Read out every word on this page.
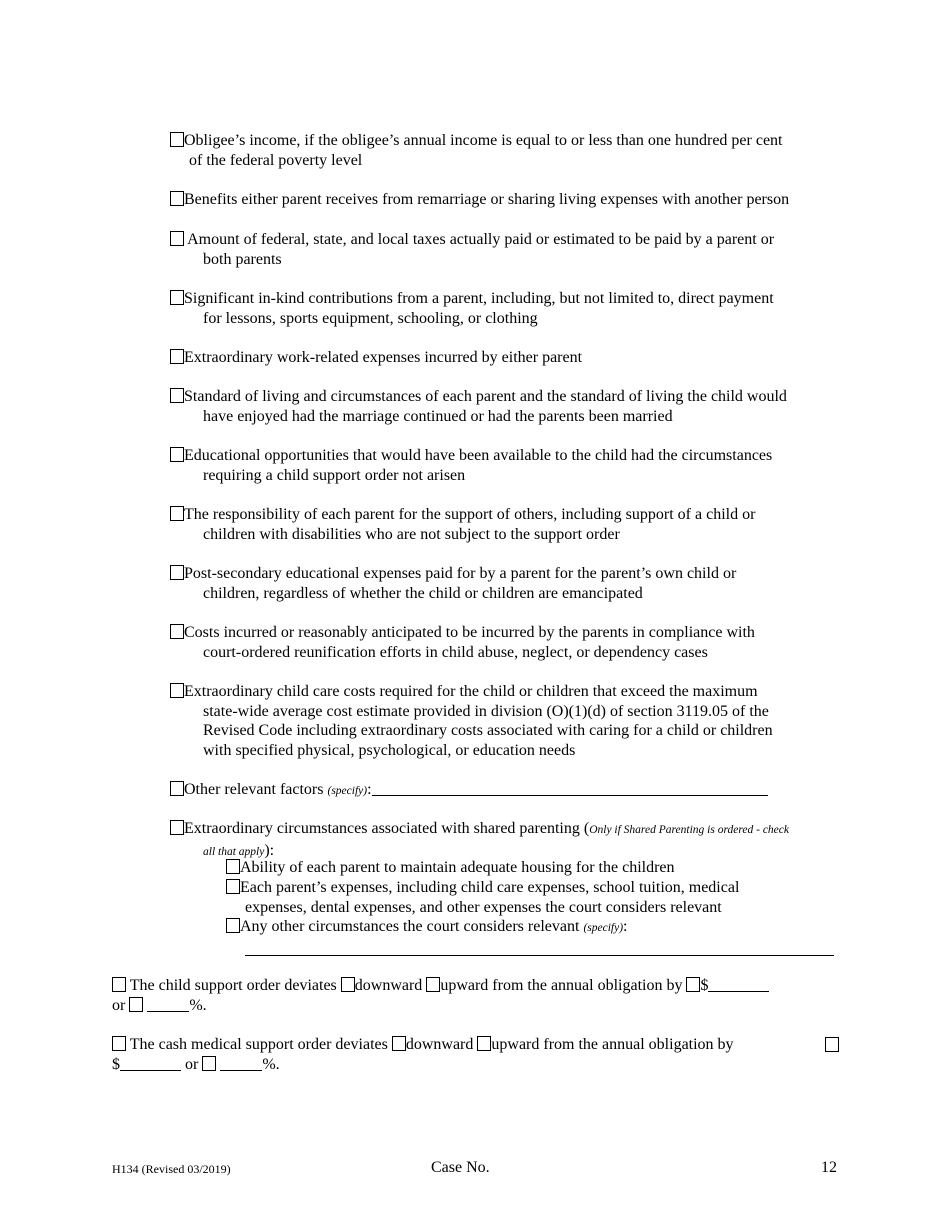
Obligee’s income, if the obligee’s annual income is equal to or less than one hundred per cent
of the federal poverty level
Benefits either parent receives from remarriage or sharing living expenses with another person
Amount of federal, state, and local taxes actually paid or estimated to be paid by a parent or
both parents
Significant in-kind contributions from a parent, including, but not limited to, direct payment
for lessons, sports equipment, schooling, or clothing
Extraordinary work-related expenses incurred by either parent
Standard of living and circumstances of each parent and the standard of living the child would
have enjoyed had the marriage continued or had the parents been married
Educational opportunities that would have been available to the child had the circumstances
requiring a child support order not arisen
The responsibility of each parent for the support of others, including support of a child or
children with disabilities who are not subject to the support order
Post-secondary educational expenses paid for by a parent for the parent’s own child or
children, regardless of whether the child or children are emancipated
Costs incurred or reasonably anticipated to be incurred by the parents in compliance with
court-ordered reunification efforts in child abuse, neglect, or dependency cases
Extraordinary child care costs required for the child or children that exceed the maximum
state-wide average cost estimate provided in division (O)(1)(d) of section 3119.05 of the
Revised Code including extraordinary costs associated with caring for a child or children
with specified physical, psychological, or education needs
Other relevant factors (specify):
Extraordinary circumstances associated with shared parenting (Only if Shared Parenting is ordered - check
all that apply):
Ability of each parent to maintain adequate housing for the children
Each parent’s expenses, including child care expenses, school tuition, medical
expenses, dental expenses, and other expenses the court considers relevant
Any other circumstances the court considers relevant (specify):
The child support order deviates downward upward from the annual obligation by $
or	%.
The cash medical support order deviates downward upward from the annual obligation by

$	or	%.
H134 (Revised 03/2019)	Case No.	12
